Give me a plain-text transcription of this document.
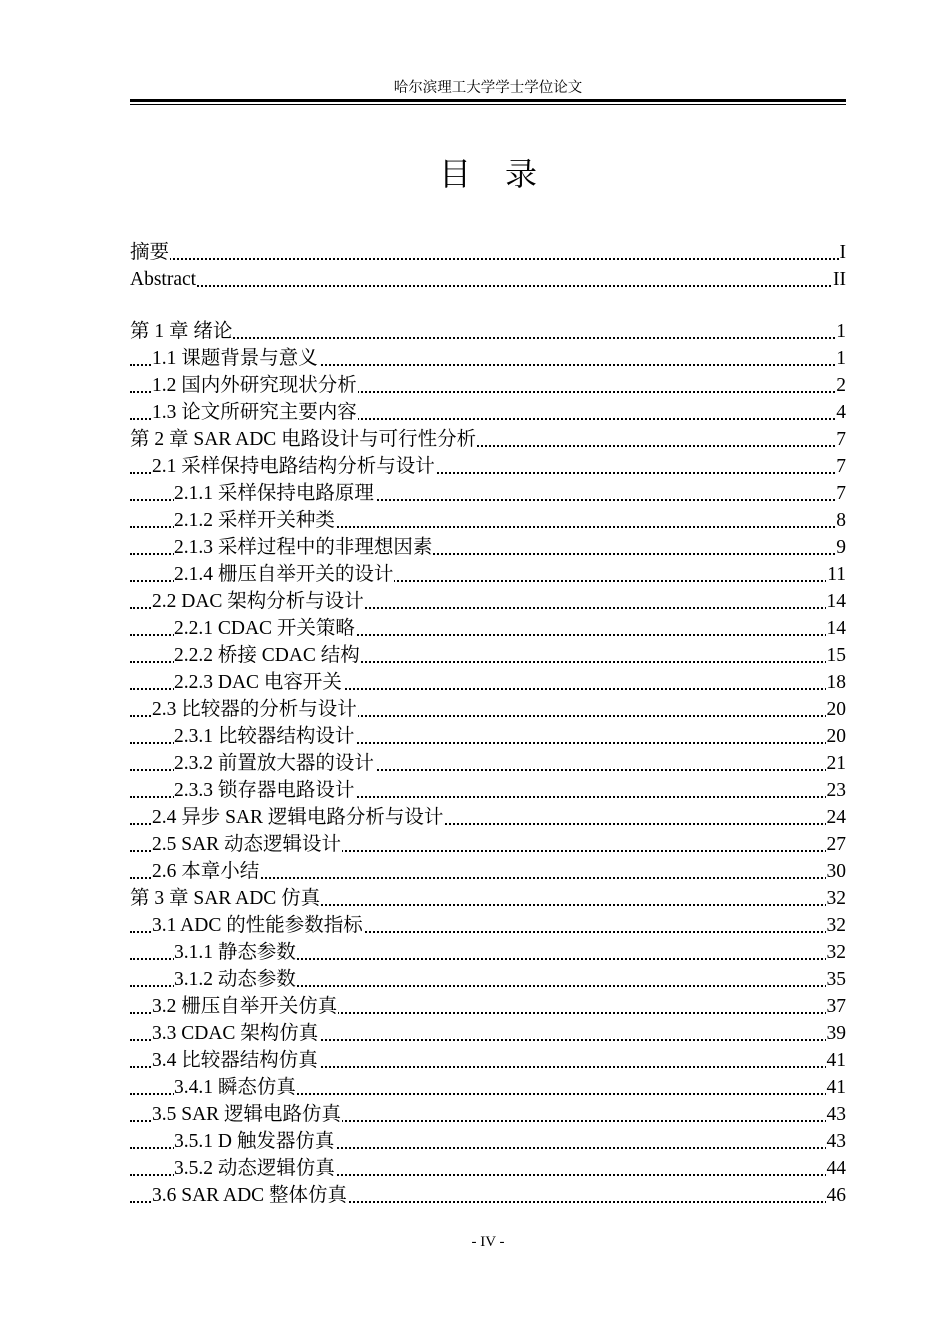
哈尔滨理工大学学士学位论文
目 录
摘要	I
Abstract	II
第 1 章 绪论	1
1.1 课题背景与意义	1
1.2 国内外研究现状分析	2
1.3 论文所研究主要内容	4
第 2 章 SAR ADC 电路设计与可行性分析	7
2.1 采样保持电路结构分析与设计	7
2.1.1 采样保持电路原理	7
2.1.2 采样开关种类	8
2.1.3 采样过程中的非理想因素	9
2.1.4 栅压自举开关的设计	11
2.2 DAC 架构分析与设计	14
2.2.1 CDAC 开关策略	14
2.2.2 桥接 CDAC 结构	15
2.2.3 DAC 电容开关	18
2.3 比较器的分析与设计	20
2.3.1 比较器结构设计	20
2.3.2 前置放大器的设计	21
2.3.3 锁存器电路设计	23
2.4 异步 SAR 逻辑电路分析与设计	24
2.5 SAR 动态逻辑设计	27
2.6 本章小结	30
第 3 章 SAR ADC 仿真	32
3.1 ADC 的性能参数指标	32
3.1.1 静态参数	32
3.1.2 动态参数	35
3.2 栅压自举开关仿真	37
3.3 CDAC 架构仿真	39
3.4 比较器结构仿真	41
3.4.1 瞬态仿真	41
3.5 SAR 逻辑电路仿真	43
3.5.1 D 触发器仿真	43
3.5.2 动态逻辑仿真	44
3.6 SAR ADC 整体仿真	46
- IV -
